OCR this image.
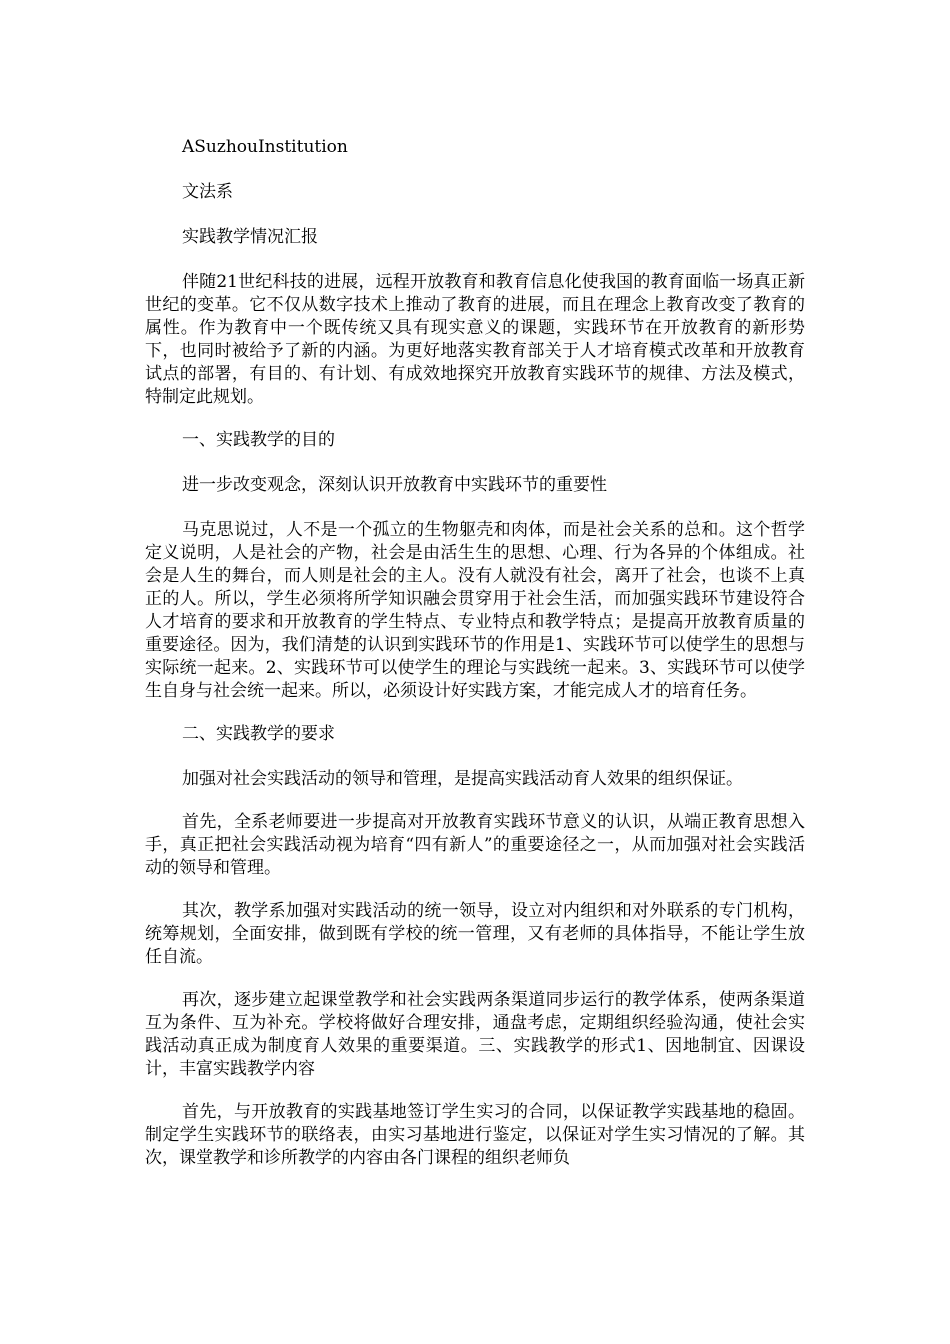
ASuzhouInstitution

文法系

实践教学情况汇报

伴随21世纪科技的进展，远程开放教育和教育信息化使我国的教育面临一场真正新世纪的变革。它不仅从数字技术上推动了教育的进展，而且在理念上教育改变了教育的属性。作为教育中一个既传统又具有现实意义的课题，实践环节在开放教育的新形势下，也同时被给予了新的内涵。为更好地落实教育部关于人才培育模式改革和开放教育试点的部署，有目的、有计划、有成效地探究开放教育实践环节的规律、方法及模式，特制定此规划。

一、实践教学的目的

进一步改变观念，深刻认识开放教育中实践环节的重要性

马克思说过，人不是一个孤立的生物躯壳和肉体，而是社会关系的总和。这个哲学定义说明，人是社会的产物，社会是由活生生的思想、心理、行为各异的个体组成。社会是人生的舞台，而人则是社会的主人。没有人就没有社会，离开了社会，也谈不上真正的人。所以，学生必须将所学知识融会贯穿用于社会生活，而加强实践环节建设符合人才培育的要求和开放教育的学生特点、专业特点和教学特点；是提高开放教育质量的重要途径。因为，我们清楚的认识到实践环节的作用是1、实践环节可以使学生的思想与实际统一起来。2、实践环节可以使学生的理论与实践统一起来。3、实践环节可以使学生自身与社会统一起来。所以，必须设计好实践方案，才能完成人才的培育任务。

二、实践教学的要求

加强对社会实践活动的领导和管理，是提高实践活动育人效果的组织保证。

首先，全系老师要进一步提高对开放教育实践环节意义的认识，从端正教育思想入手，真正把社会实践活动视为培育“四有新人”的重要途径之一，从而加强对社会实践活动的领导和管理。

其次，教学系加强对实践活动的统一领导，设立对内组织和对外联系的专门机构，统筹规划，全面安排，做到既有学校的统一管理，又有老师的具体指导，不能让学生放任自流。

再次，逐步建立起课堂教学和社会实践两条渠道同步运行的教学体系，使两条渠道互为条件、互为补充。学校将做好合理安排，通盘考虑，定期组织经验沟通，使社会实践活动真正成为制度育人效果的重要渠道。三、实践教学的形式1、因地制宜、因课设计，丰富实践教学内容

首先，与开放教育的实践基地签订学生实习的合同，以保证教学实践基地的稳固。制定学生实践环节的联络表，由实习基地进行鉴定，以保证对学生实习情况的了解。其次，课堂教学和诊所教学的内容由各门课程的组织老师负
